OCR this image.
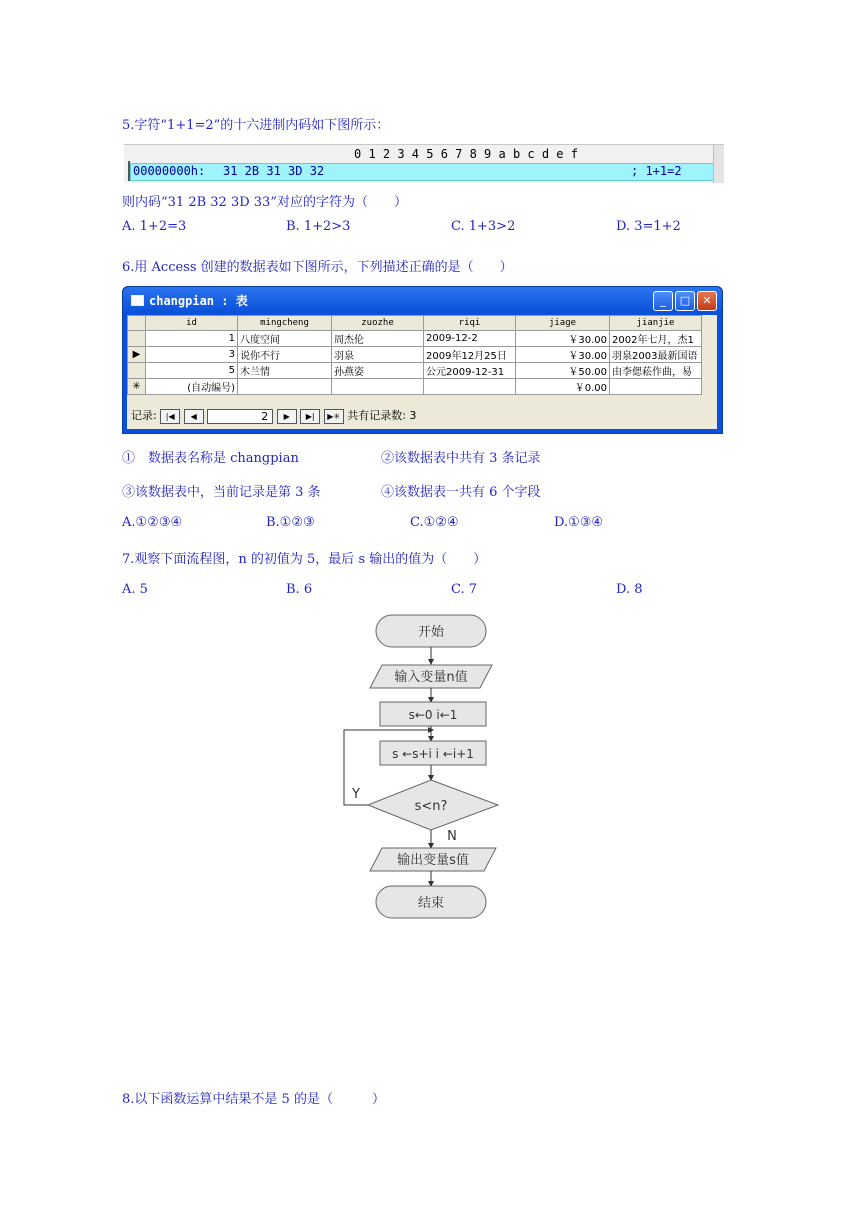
5.字符“1+1=2”的十六进制内码如下图所示：
0 1 2 3 4 5 6 7 8 9 a b c d e f
00000000h: 31 2B 31 3D 32	; 1+1=2
则内码“31 2B 32 3D 33”对应的字符为（　　）
A. 1+2=3	B. 1+2>3	C. 1+3>2	D. 3=1+2
6.用 Access 创建的数据表如下图所示，下列描述正确的是（　　）
changpian : 表	_	□	✕
	id	mingcheng	zuozhe	riqi	jiage	jianjie
	1	八度空间	周杰伦	2009-12-2	￥30.00	2002年七月，杰1
▶	3	说你不行	羽泉	2009年12月25日	￥30.00	羽泉2003最新国语
	5	木兰情	孙燕姿	公元2009-12-31	￥50.00	由李偲菘作曲，易
✳	(自动编号)				￥0.00	
记录: |◀ ◀	2 ▶ ▶| ▶✳ 共有记录数: 3
①　数据表名称是 changpian	②该数据表中共有 3 条记录
③该数据表中，当前记录是第 3 条	④该数据表一共有 6 个字段
A.①②③④	B.①②③	C.①②④	D.①③④
7.观察下面流程图，n 的初值为 5，最后 s 输出的值为（　　）
A. 5	B. 6	C. 7	D. 8
开始
输入变量n值
s←0 i←1
s ←s+i i ←i+1
s<n?
Y
N
输出变量s值
结束
8.以下函数运算中结果不是 5 的是（　　　）
